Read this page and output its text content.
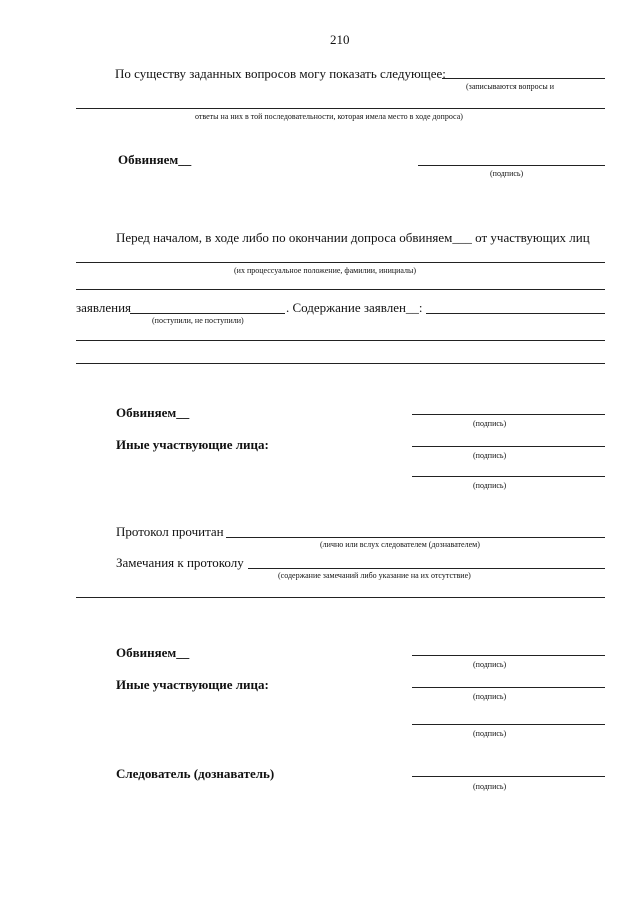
210
По существу заданных вопросов могу показать следующее:
(записываются вопросы и
ответы на них в той последовательности, которая имела место в ходе допроса)
Обвиняем__
(подпись)
Перед началом, в ходе либо по окончании допроса обвиняем___ от участвующих лиц
(их процессуальное положение, фамилии, инициалы)
заявления	. Содержание заявлен__:
(поступили, не поступили)
Обвиняем__
(подпись)
Иные участвующие лица:
(подпись)
(подпись)
Протокол прочитан
(лично или вслух следователем (дознавателем)
Замечания к протоколу
(содержание замечаний либо указание на их отсутствие)
Обвиняем__
(подпись)
Иные участвующие лица:
(подпись)
(подпись)
Следователь (дознаватель)
(подпись)
